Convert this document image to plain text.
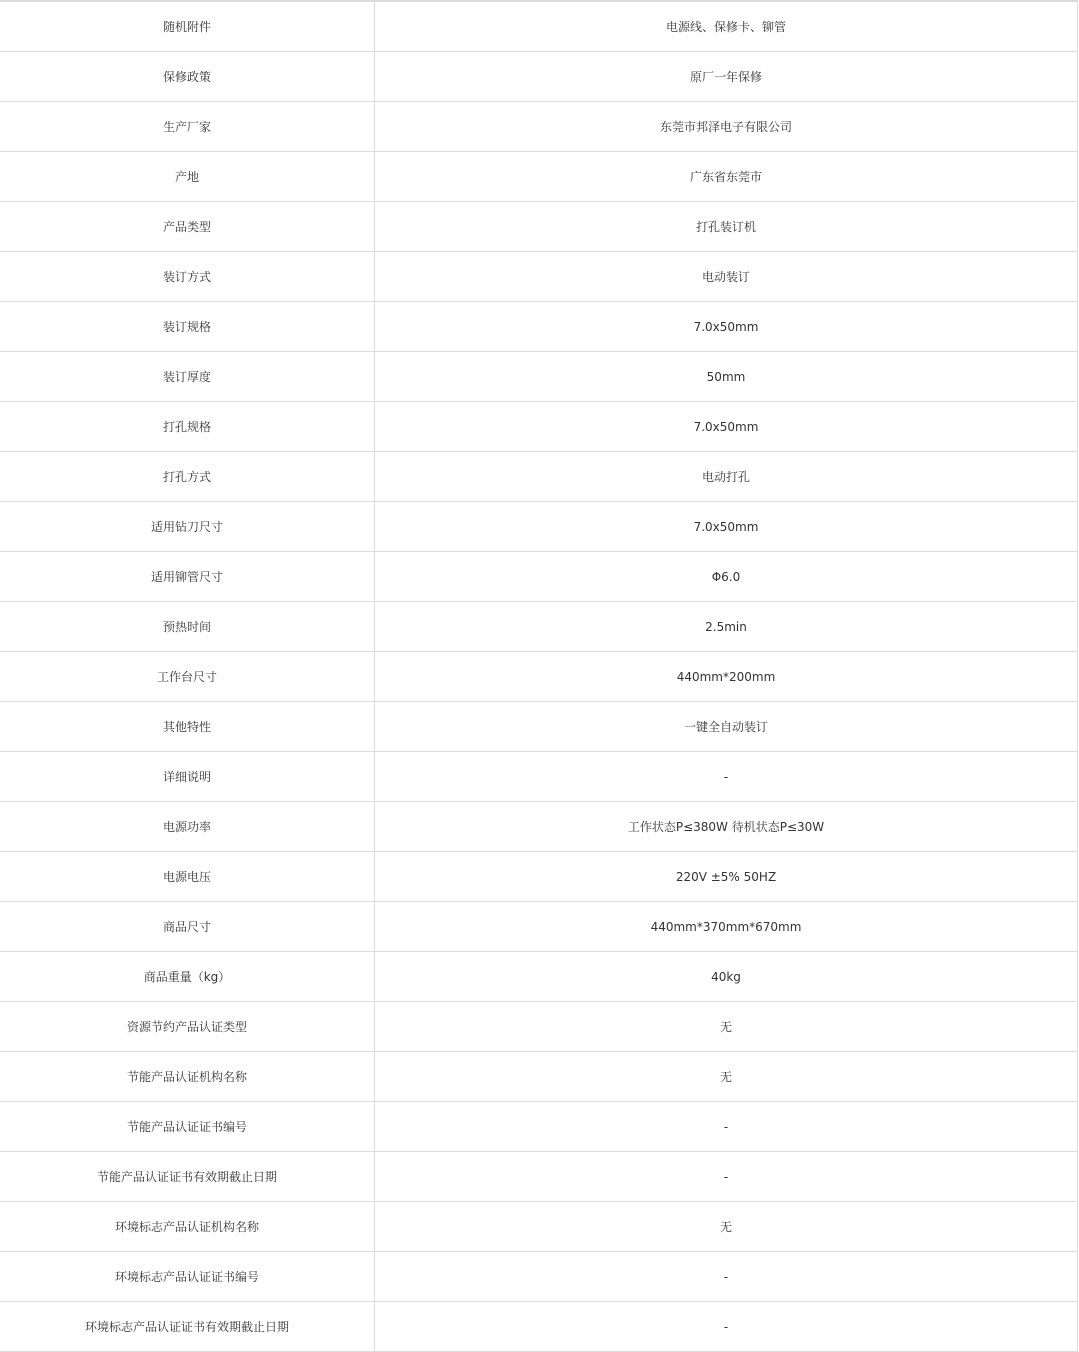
随机附件	电源线、保修卡、铆管
保修政策	原厂一年保修
生产厂家	东莞市邦泽电子有限公司
产地	广东省东莞市
产品类型	打孔装订机
装订方式	电动装订
装订规格	7.0x50mm
装订厚度	50mm
打孔规格	7.0x50mm
打孔方式	电动打孔
适用钻刀尺寸	7.0x50mm
适用铆管尺寸	Φ6.0
预热时间	2.5min
工作台尺寸	440mm*200mm
其他特性	一键全自动装订
详细说明	-
电源功率	工作状态P≤380W 待机状态P≤30W
电源电压	220V ±5% 50HZ
商品尺寸	440mm*370mm*670mm
商品重量（kg）	40kg
资源节约产品认证类型	无
节能产品认证机构名称	无
节能产品认证证书编号	-
节能产品认证证书有效期截止日期	-
环境标志产品认证机构名称	无
环境标志产品认证证书编号	-
环境标志产品认证证书有效期截止日期	-
